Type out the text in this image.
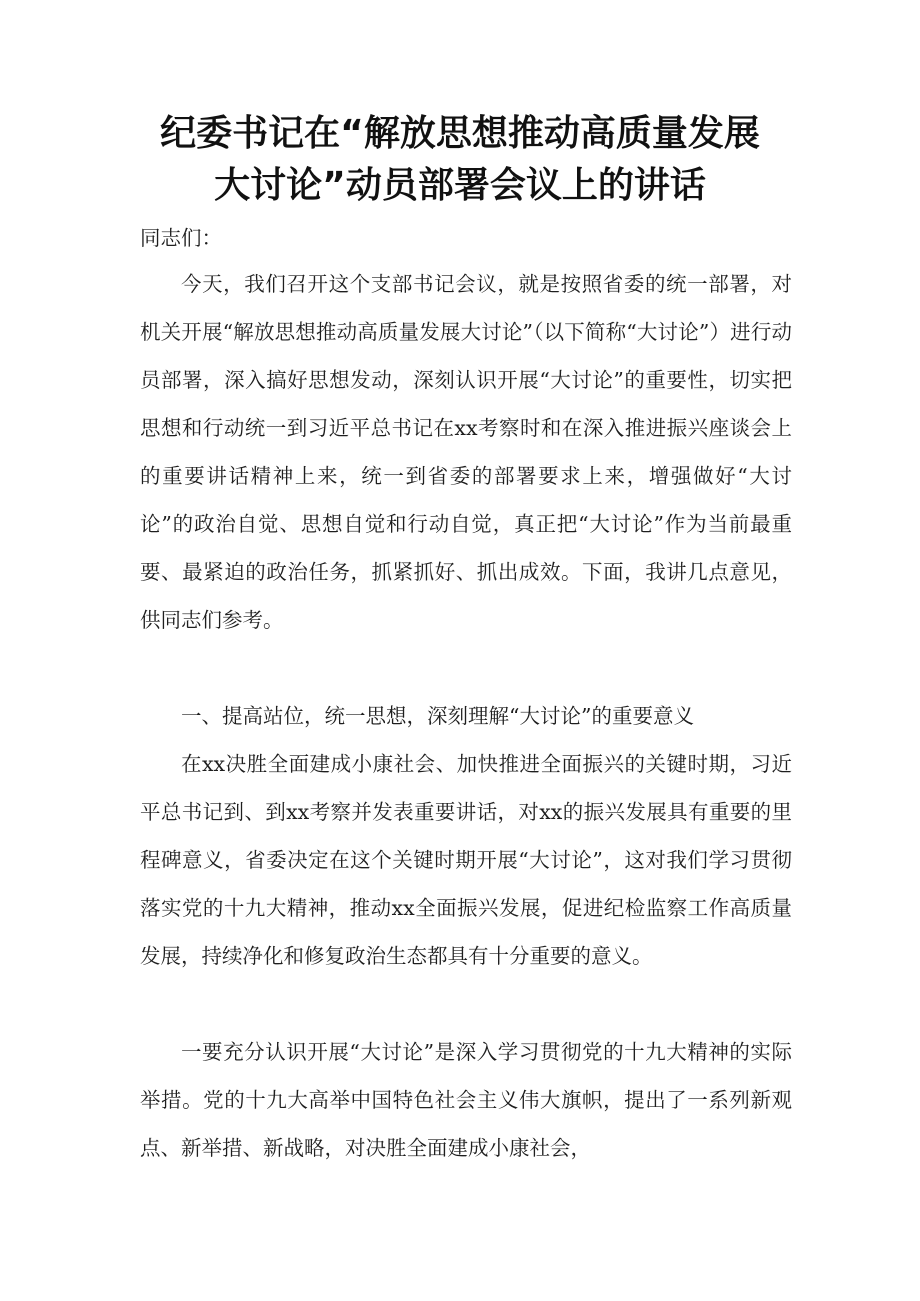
纪委书记在“解放思想推动高质量发展
大讨论”动员部署会议上的讲话

同志们：

今天，我们召开这个支部书记会议，就是按照省委的统一部署，对机关开展“解放思想推动高质量发展大讨论”（以下简称“大讨论”）进行动员部署，深入搞好思想发动，深刻认识开展“大讨论”的重要性，切实把思想和行动统一到习近平总书记在xx考察时和在深入推进振兴座谈会上的重要讲话精神上来，统一到省委的部署要求上来，增强做好“大讨论”的政治自觉、思想自觉和行动自觉，真正把“大讨论”作为当前最重要、最紧迫的政治任务，抓紧抓好、抓出成效。下面，我讲几点意见，供同志们参考。

一、提高站位，统一思想，深刻理解“大讨论”的重要意义

在xx决胜全面建成小康社会、加快推进全面振兴的关键时期，习近平总书记到、到xx考察并发表重要讲话，对xx的振兴发展具有重要的里程碑意义，省委决定在这个关键时期开展“大讨论”，这对我们学习贯彻落实党的十九大精神，推动xx全面振兴发展，促进纪检监察工作高质量发展，持续净化和修复政治生态都具有十分重要的意义。

一要充分认识开展“大讨论”是深入学习贯彻党的十九大精神的实际举措。党的十九大高举中国特色社会主义伟大旗帜，提出了一系列新观点、新举措、新战略，对决胜全面建成小康社会，
